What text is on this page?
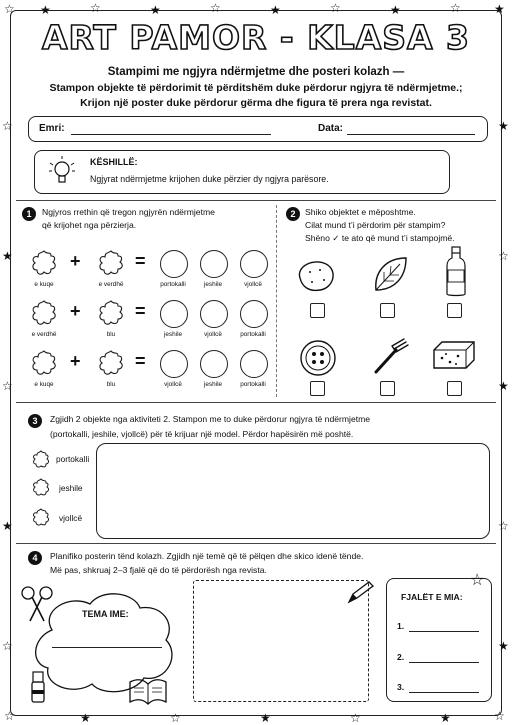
☆ ★	☆	★	☆	★	☆	★	☆	★
☆
★
☆
★
☆
★
☆
★
☆
★
☆	★	☆	★	☆	★	☆
ART PAMOR - KLASA 3
Stampimi me ngjyra ndërmjetme dhe posteri kolazh —
Stampon objekte të përdorimit të përditshëm duke përdorur ngjyra të ndërmjetme.;
Krijon një poster duke përdorur gërma dhe figura të prera nga revistat.
Emri:	Data:
KËSHILLË:
Ngjyrat ndërmjetme krijohen duke përzier dy ngjyra parësore.
1	Ngjyros rrethin që tregon ngjyrën ndërmjetme
që krijohet nga përzierja.
e kuqe
+
e verdhë
=
portokalli	jeshile	vjollcë
e verdhë
+
blu
=
jeshile	vjollcë	portokalli
e kuqe
+
blu
=
vjollcë	jeshile	portokalli
2	Shiko objektet e mëposhtme.
Cilat mund t’i përdorim për stampim?
Shëno ✓ te ato që mund t’i stampojmë.
3	Zgjidh 2 objekte nga aktiviteti 2. Stampon me to duke përdorur ngjyra të ndërmjetme
(portokalli, jeshile, vjollcë) për të krijuar një model. Përdor hapësirën më poshtë.
portokalli
jeshile
vjollcë
4	Planifiko posterin tënd kolazh. Zgjidh një temë që të pëlqen dhe skico idenë tënde.
Më pas, shkruaj 2–3 fjalë që do të përdorësh nga revista.
TEMA IME:
FJALËT E MIA:
1.
2.
3.
☆
